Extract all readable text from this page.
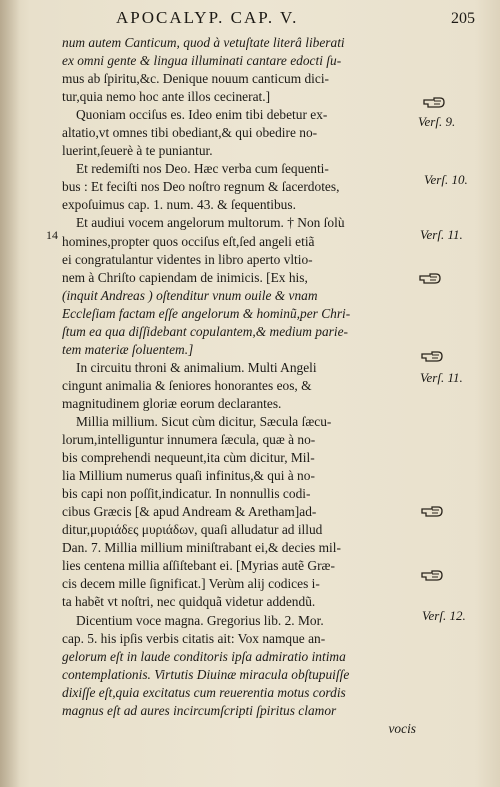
APOCALYP. CAP. V.	205
num autem Canticum, quod à vetuſtate literâ liberati
ex omni gente & lingua illuminati cantare edocti ſu-
mus ab ſpiritu,&c. Denique nouum canticum dici-
tur,quia nemo hoc ante illos cecinerat.]
Quoniam occiſus es. Ideo enim tibi debetur ex-
altatio,vt omnes tibi obediant,& qui obedire no-
luerint,ſeuerè à te puniantur.
Et redemiſti nos Deo. Hæc verba cum ſequenti-
bus : Et feciſti nos Deo noſtro regnum & ſacerdotes,
expoſuimus cap. 1. num. 43. & ſequentibus.
Et audiui vocem angelorum multorum. † Non ſolù
homines,propter quos occiſus eſt,ſed angeli etiã
ei congratulantur videntes in libro aperto vltio-
nem à Chriſto capiendam de inimicis. [Ex his,
(inquit Andreas ) oſtenditur vnum ouile & vnam
Eccleſiam factam eſſe angelorum & hominũ,per Chri-
ſtum ea qua diſſidebant copulantem,& medium parie-
tem materiæ ſoluentem.]
In circuitu throni & animalium. Multi Angeli
cingunt animalia & ſeniores honorantes eos, &
magnitudinem gloriæ eorum declarantes.
Millia millium. Sicut cùm dicitur, Sæcula ſæcu-
lorum,intelliguntur innumera ſæcula, quæ à no-
bis comprehendi nequeunt,ita cùm dicitur, Mil-
lia Millium numerus quaſi infinitus,& qui à no-
bis capi non poſſit,indicatur. In nonnullis codi-
cibus Græcis [& apud Andream & Aretham]ad-
ditur,μυριάδες μυριάδων, quaſi alludatur ad illud
Dan. 7. Millia millium miniſtrabant ei,& decies mil-
lies centena millia aſſiſtebant ei. [Myrias autẽ Græ-
cis decem mille ſignificat.] Verùm alij codices i-
ta habẽt vt noſtri, nec quidquã videtur addendũ.
Dicentium voce magna. Gregorius lib. 2. Mor.
cap. 5. his ipſis verbis citatis ait: Vox namque an-
gelorum eſt in laude conditoris ipſa admiratio intima
contemplationis. Virtutis Diuinæ miracula obſtupuiſſe
dixiſſe eſt,quia excitatus cum reuerentia motus cordis
magnus eſt ad aures incircumſcripti ſpiritus clamor
vocis
Verſ. 9.
Verſ. 10.
Verſ. 11.
Verſ. 11.
Verſ. 12.
14
